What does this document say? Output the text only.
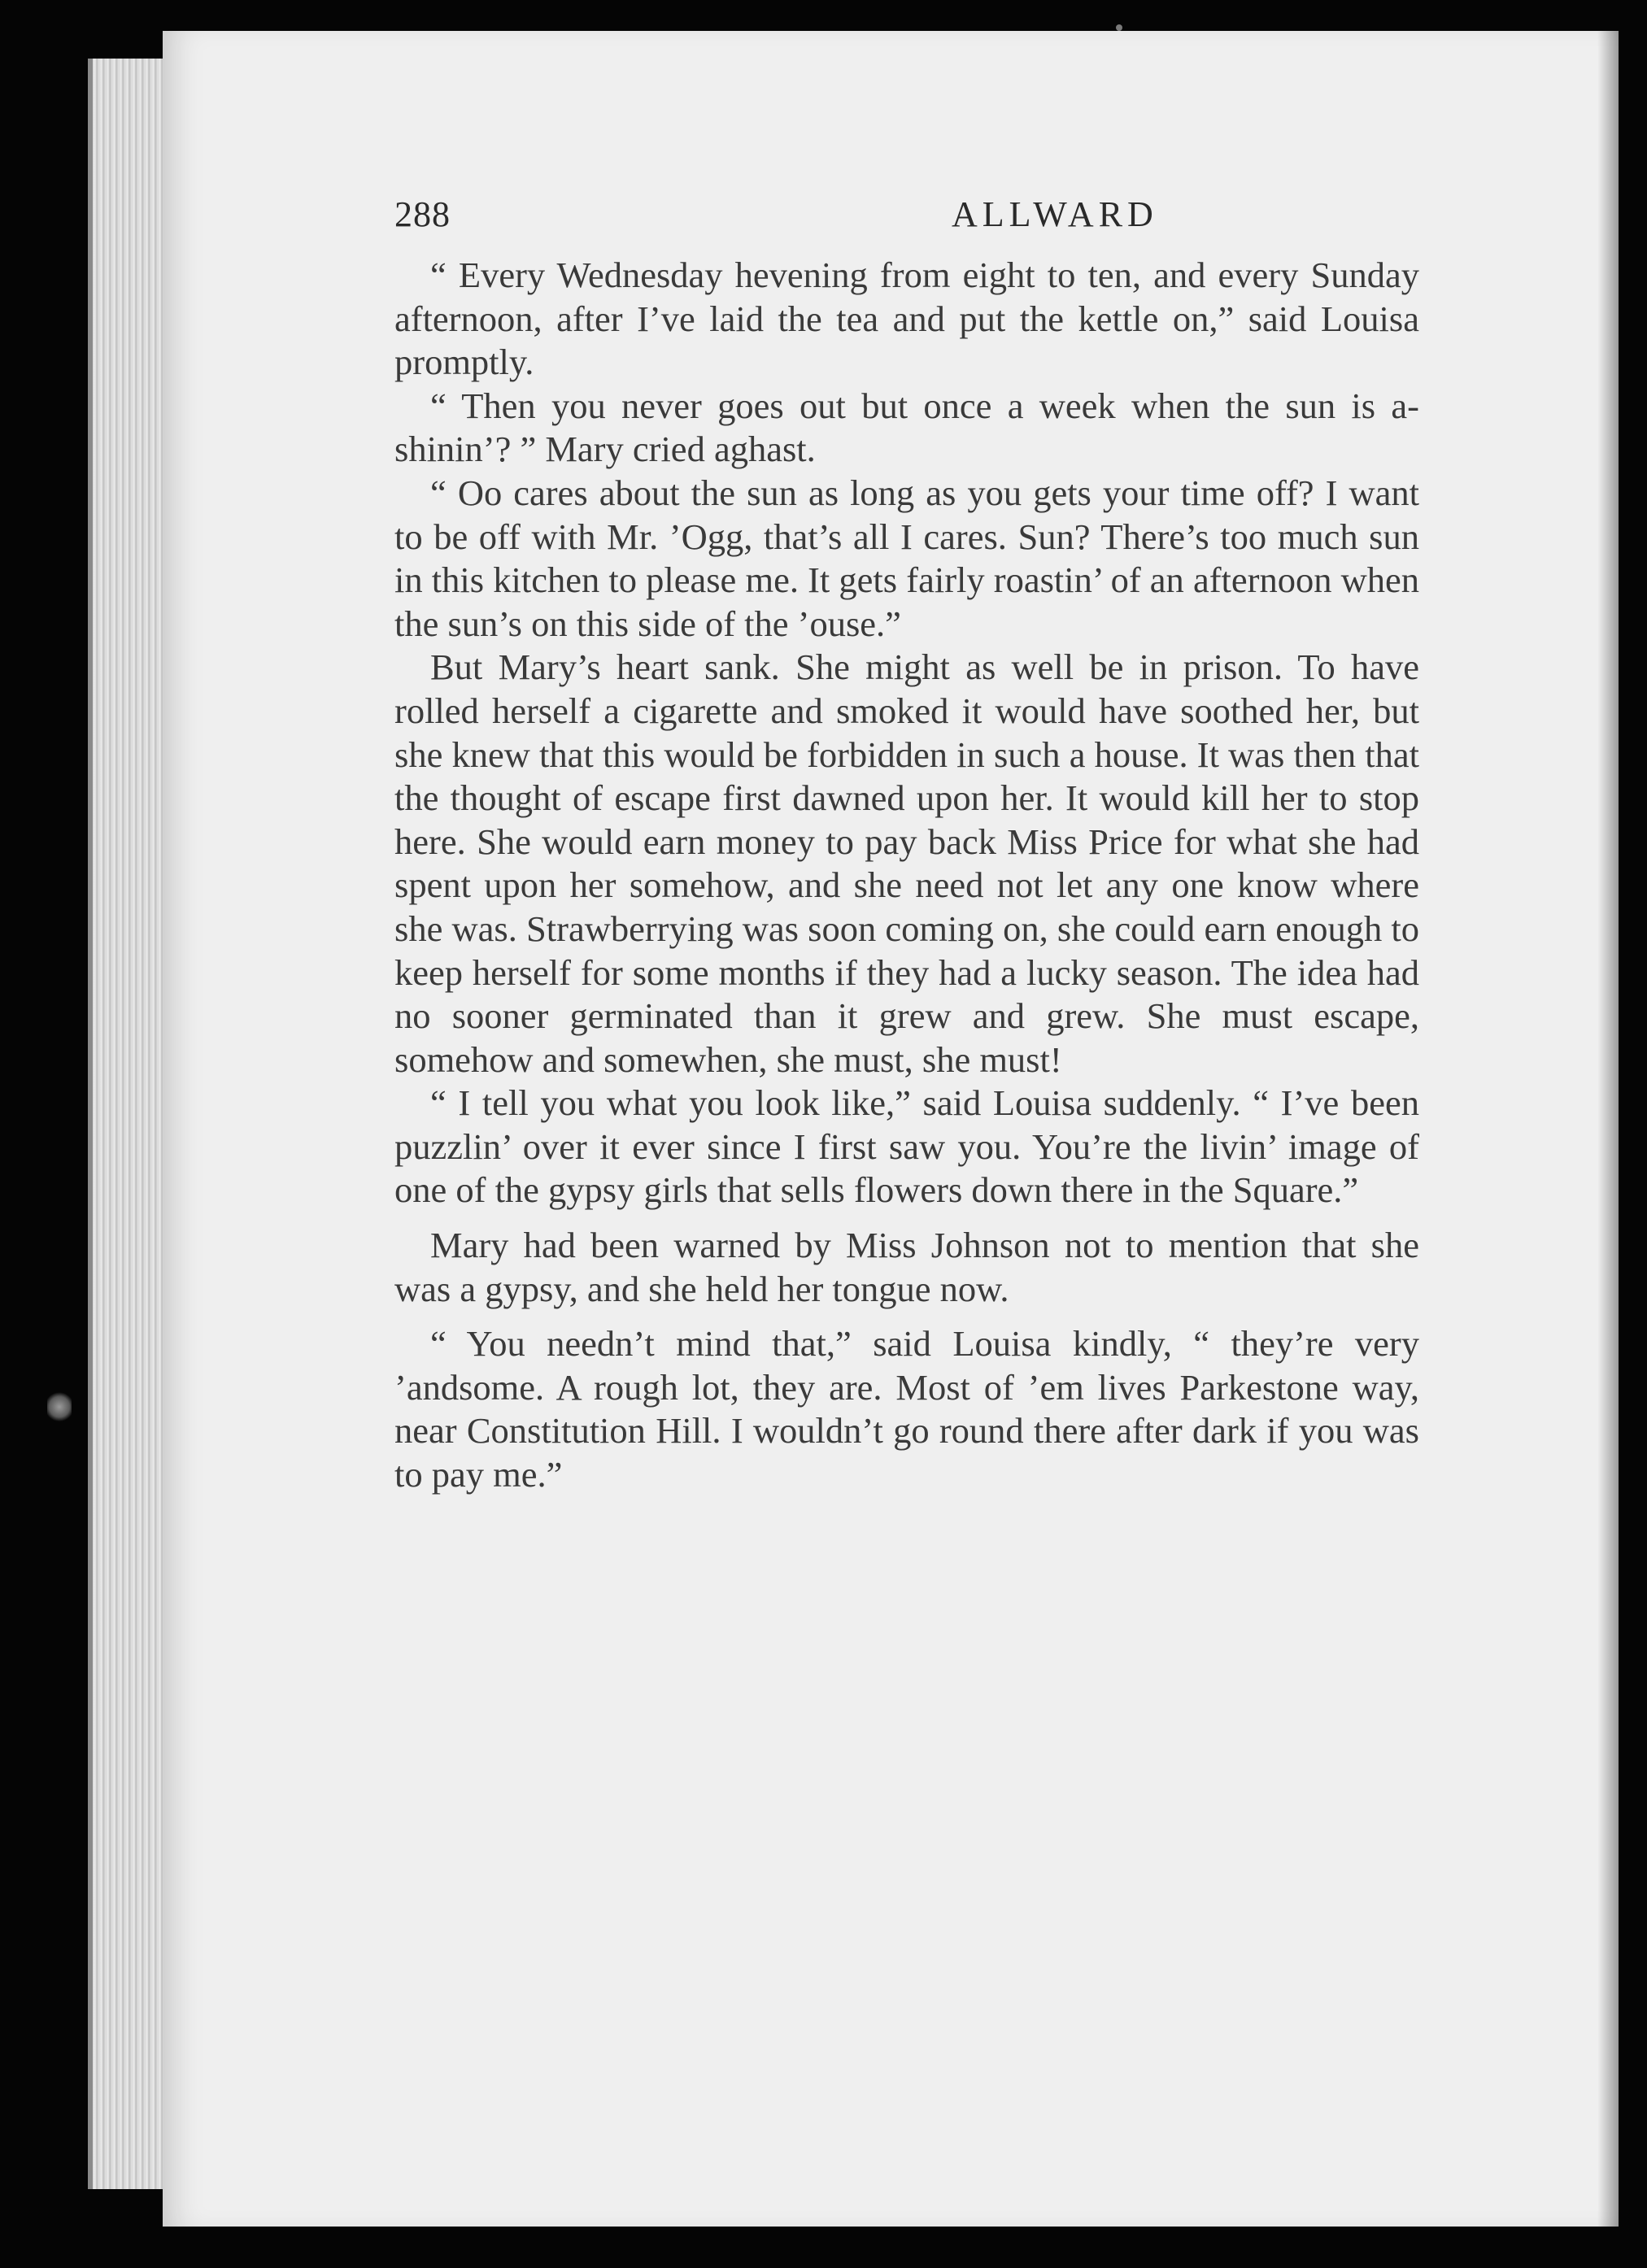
288	ALLWARD

“ Every Wednesday hevening from eight to ten, and every Sunday afternoon, after I’ve laid the tea and put the kettle on,” said Louisa promptly.

“ Then you never goes out but once a week when the sun is a-shinin’? ” Mary cried aghast.

“ Oo cares about the sun as long as you gets your time off? I want to be off with Mr. ’Ogg, that’s all I cares. Sun? There’s too much sun in this kitchen to please me. It gets fairly roastin’ of an afternoon when the sun’s on this side of the ’ouse.”

But Mary’s heart sank. She might as well be in prison. To have rolled herself a cigarette and smoked it would have soothed her, but she knew that this would be forbidden in such a house. It was then that the thought of escape first dawned upon her. It would kill her to stop here. She would earn money to pay back Miss Price for what she had spent upon her somehow, and she need not let any one know where she was. Strawberrying was soon coming on, she could earn enough to keep herself for some months if they had a lucky season. The idea had no sooner germinated than it grew and grew. She must escape, somehow and somewhen, she must, she must!

“ I tell you what you look like,” said Louisa suddenly. “ I’ve been puzzlin’ over it ever since I first saw you. You’re the livin’ image of one of the gypsy girls that sells flowers down there in the Square.”

Mary had been warned by Miss Johnson not to mention that she was a gypsy, and she held her tongue now.

“ You needn’t mind that,” said Louisa kindly, “ they’re very ’andsome. A rough lot, they are. Most of ’em lives Parkestone way, near Constitution Hill. I wouldn’t go round there after dark if you was to pay me.”
